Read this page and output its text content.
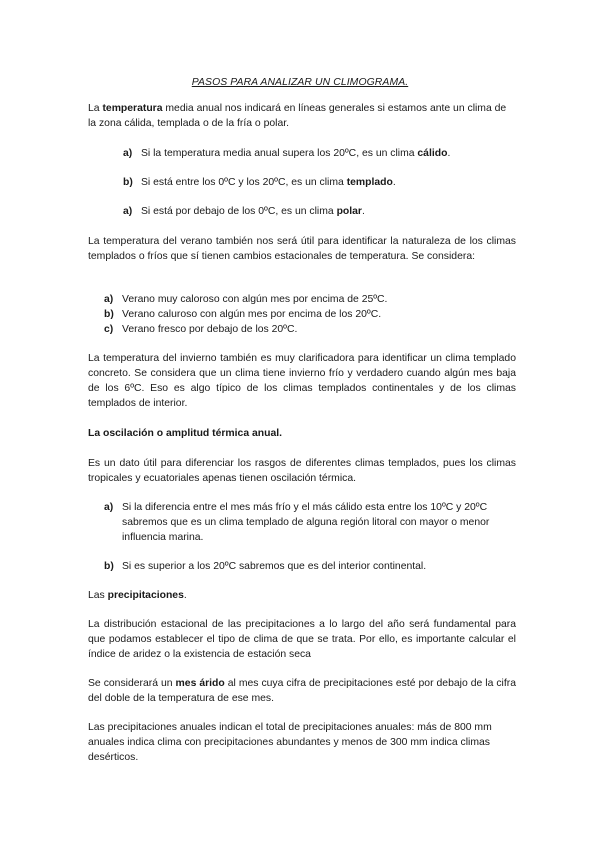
PASOS PARA ANALIZAR UN CLIMOGRAMA.
La temperatura media anual nos indicará en líneas generales si estamos ante un clima de la zona cálida, templada o de la fría o polar.
a) Si la temperatura media anual supera los 20ºC, es un clima cálido.
b) Si está entre los 0ºC y los 20ºC, es un clima templado.
a) Si está por debajo de los 0ºC, es un clima polar.
La temperatura del verano también nos será útil para identificar la naturaleza de los climas templados o fríos que sí tienen cambios estacionales de temperatura. Se considera:
a) Verano muy caloroso con algún mes por encima de 25ºC.
b) Verano caluroso con algún mes por encima de los 20ºC.
c) Verano fresco por debajo de los 20ºC.
La temperatura del invierno también es muy clarificadora para identificar un clima templado concreto. Se considera que un clima tiene invierno frío y verdadero cuando algún mes baja de los 6ºC. Eso es algo típico de los climas templados continentales y de los climas templados de interior.
La oscilación o amplitud térmica anual.
Es un dato útil para diferenciar los rasgos de diferentes climas templados, pues los climas tropicales y ecuatoriales apenas tienen oscilación térmica.
a) Si la diferencia entre el mes más frío y el más cálido esta entre los 10ºC y 20ºC sabremos que es un clima templado de alguna región litoral con mayor o menor influencia marina.
b) Si es superior a los 20ºC sabremos que es del interior continental.
Las precipitaciones.
La distribución estacional de las precipitaciones a lo largo del año será fundamental para que podamos establecer el tipo de clima de que se trata. Por ello, es importante calcular el índice de aridez o la existencia de estación seca
Se considerará un mes árido al mes cuya cifra de precipitaciones esté por debajo de la cifra del doble de la temperatura de ese mes.
Las precipitaciones anuales indican el total de precipitaciones anuales: más de 800 mm anuales indica clima con precipitaciones abundantes y menos de 300 mm indica climas desérticos.
